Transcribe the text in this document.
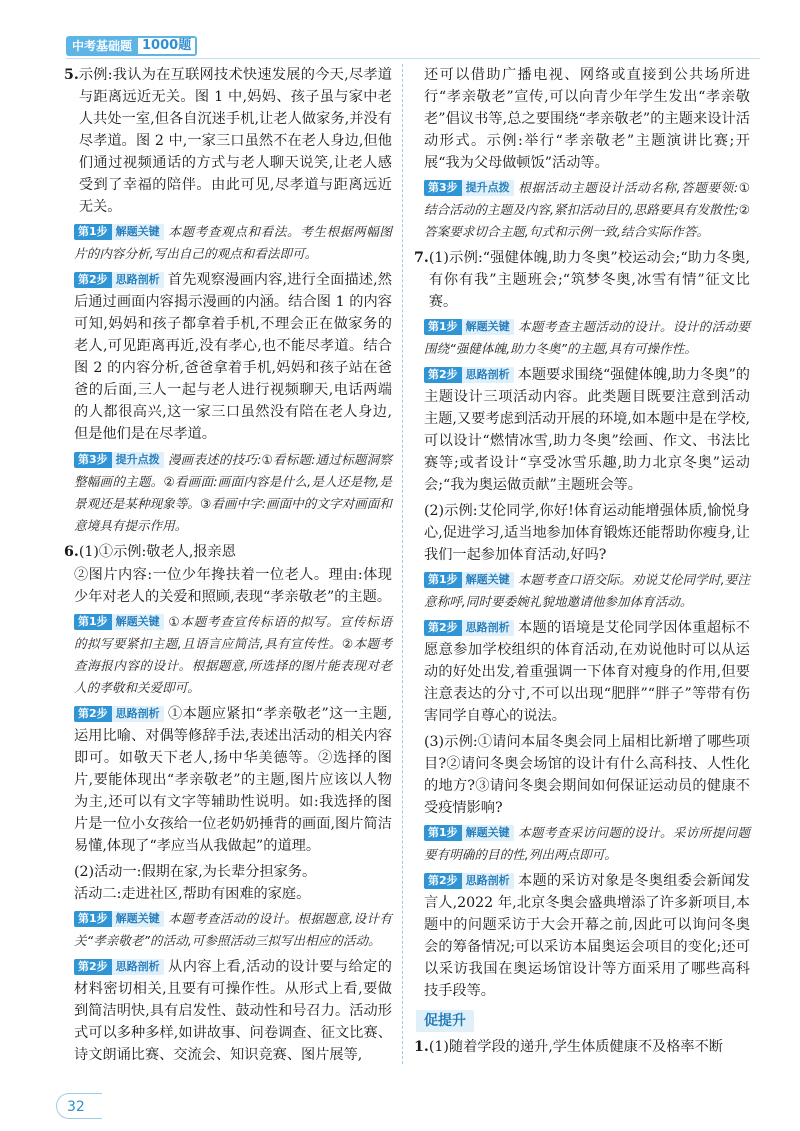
中考基础题 1000题
5. 示例:我认为在互联网技术快速发展的今天,尽孝道与距离远近无关。图 1 中,妈妈、孩子虽与家中老人共处一室,但各自沉迷手机,让老人做家务,并没有尽孝道。图 2 中,一家三口虽然不在老人身边,但他们通过视频通话的方式与老人聊天说笑,让老人感受到了幸福的陪伴。由此可见,尽孝道与距离远近无关。
第1步 解题关键 本题考查观点和看法。考生根据两幅图片的内容分析,写出自己的观点和看法即可。
第2步 思路剖析 首先观察漫画内容,进行全面描述,然后通过画面内容揭示漫画的内涵。结合图 1 的内容可知,妈妈和孩子都拿着手机,不理会正在做家务的老人,可见距离再近,没有孝心,也不能尽孝道。结合图 2 的内容分析,爸爸拿着手机,妈妈和孩子站在爸爸的后面,三人一起与老人进行视频聊天,电话两端的人都很高兴,这一家三口虽然没有陪在老人身边,但是他们是在尽孝道。
第3步 提升点拨 漫画表述的技巧:①看标题:通过标题洞察整幅画的主题。②看画面:画面内容是什么,是人还是物,是景观还是某种现象等。③看画中字:画面中的文字对画面和意境具有提示作用。
6. (1)①示例:敬老人,报亲恩
②图片内容:一位少年搀扶着一位老人。理由:体现少年对老人的关爱和照顾,表现“孝亲敬老”的主题。
第1步 解题关键 ①本题考查宣传标语的拟写。宣传标语的拟写要紧扣主题,且语言应简洁,具有宣传性。②本题考查海报内容的设计。根据题意,所选择的图片能表现对老人的孝敬和关爱即可。
第2步 思路剖析 ①本题应紧扣“孝亲敬老”这一主题,运用比喻、对偶等修辞手法,表述出活动的相关内容即可。如敬天下老人,扬中华美德等。②选择的图片,要能体现出“孝亲敬老”的主题,图片应该以人物为主,还可以有文字等辅助性说明。如:我选择的图片是一位小女孩给一位老奶奶捶背的画面,图片简洁易懂,体现了“孝应当从我做起”的道理。
(2)活动一:假期在家,为长辈分担家务。
活动二:走进社区,帮助有困难的家庭。
第1步 解题关键 本题考查活动的设计。根据题意,设计有关“孝亲敬老”的活动,可参照活动三拟写出相应的活动。
第2步 思路剖析 从内容上看,活动的设计要与给定的材料密切相关,且要有可操作性。从形式上看,要做到简洁明快,具有启发性、鼓动性和号召力。活动形式可以多种多样,如讲故事、问卷调查、征文比赛、诗文朗诵比赛、交流会、知识竞赛、图片展等,
还可以借助广播电视、网络或直接到公共场所进行“孝亲敬老”宣传,可以向青少年学生发出“孝亲敬老”倡议书等,总之要围绕“孝亲敬老”的主题来设计活动形式。示例:举行“孝亲敬老”主题演讲比赛;开展“我为父母做顿饭”活动等。
第3步 提升点拨 根据活动主题设计活动名称,答题要领:①结合活动的主题及内容,紧扣活动目的,思路要具有发散性;②答案要求切合主题,句式和示例一致,结合实际作答。
7. (1)示例:“强健体魄,助力冬奥”校运动会;“助力冬奥,有你有我”主题班会;“筑梦冬奥,冰雪有情”征文比赛。
第1步 解题关键 本题考查主题活动的设计。设计的活动要围绕“强健体魄,助力冬奥”的主题,具有可操作性。
第2步 思路剖析 本题要求围绕“强健体魄,助力冬奥”的主题设计三项活动内容。此类题目既要注意到活动主题,又要考虑到活动开展的环境,如本题中是在学校,可以设计“燃情冰雪,助力冬奥”绘画、作文、书法比赛等;或者设计“享受冰雪乐趣,助力北京冬奥”运动会;“我为奥运做贡献”主题班会等。
(2)示例:艾伦同学,你好!体育运动能增强体质,愉悦身心,促进学习,适当地参加体育锻炼还能帮助你瘦身,让我们一起参加体育活动,好吗?
第1步 解题关键 本题考查口语交际。劝说艾伦同学时,要注意称呼,同时要委婉礼貌地邀请他参加体育活动。
第2步 思路剖析 本题的语境是艾伦同学因体重超标不愿意参加学校组织的体育活动,在劝说他时可以从运动的好处出发,着重强调一下体育对瘦身的作用,但要注意表达的分寸,不可以出现“肥胖”“胖子”等带有伤害同学自尊心的说法。
(3)示例:①请问本届冬奥会同上届相比新增了哪些项目?②请问冬奥会场馆的设计有什么高科技、人性化的地方?③请问冬奥会期间如何保证运动员的健康不受疫情影响?
第1步 解题关键 本题考查采访问题的设计。采访所提问题要有明确的目的性,列出两点即可。
第2步 思路剖析 本题的采访对象是冬奥组委会新闻发言人,2022 年,北京冬奥会盛典增添了许多新项目,本题中的问题采访于大会开幕之前,因此可以询问冬奥会的筹备情况;可以采访本届奥运会项目的变化;还可以采访我国在奥运场馆设计等方面采用了哪些高科技手段等。
促提升
1. (1)随着学段的递升,学生体质健康不及格率不断
32
